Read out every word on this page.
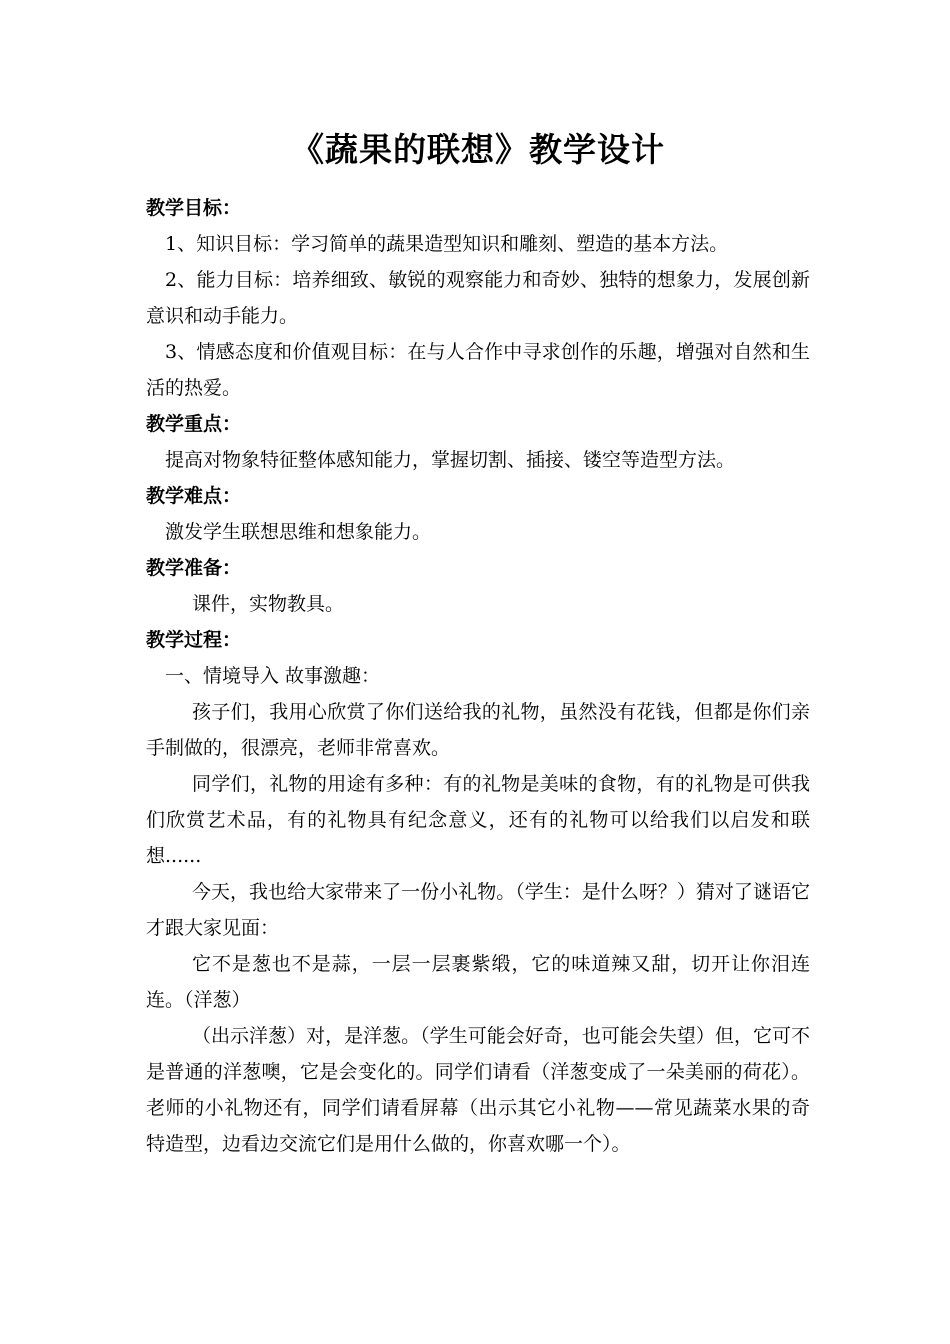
《蔬果的联想》教学设计

教学目标：

1、知识目标：学习简单的蔬果造型知识和雕刻、塑造的基本方法。

2、能力目标：培养细致、敏锐的观察能力和奇妙、独特的想象力，发展创新意识和动手能力。

3、情感态度和价值观目标：在与人合作中寻求创作的乐趣，增强对自然和生活的热爱。

教学重点：

提高对物象特征整体感知能力，掌握切割、插接、镂空等造型方法。

教学难点：

激发学生联想思维和想象能力。

教学准备：

课件，实物教具。

教学过程：

一、情境导入 故事激趣：

孩子们，我用心欣赏了你们送给我的礼物，虽然没有花钱，但都是你们亲手制做的，很漂亮，老师非常喜欢。

同学们，礼物的用途有多种：有的礼物是美味的食物，有的礼物是可供我们欣赏艺术品，有的礼物具有纪念意义，还有的礼物可以给我们以启发和联想......

今天，我也给大家带来了一份小礼物。（学生：是什么呀？）猜对了谜语它才跟大家见面：

它不是葱也不是蒜，一层一层裹紫缎，它的味道辣又甜，切开让你泪连连。（洋葱）

（出示洋葱）对，是洋葱。（学生可能会好奇，也可能会失望）但，它可不是普通的洋葱噢，它是会变化的。同学们请看（洋葱变成了一朵美丽的荷花）。老师的小礼物还有，同学们请看屏幕（出示其它小礼物——常见蔬菜水果的奇特造型，边看边交流它们是用什么做的，你喜欢哪一个）。
